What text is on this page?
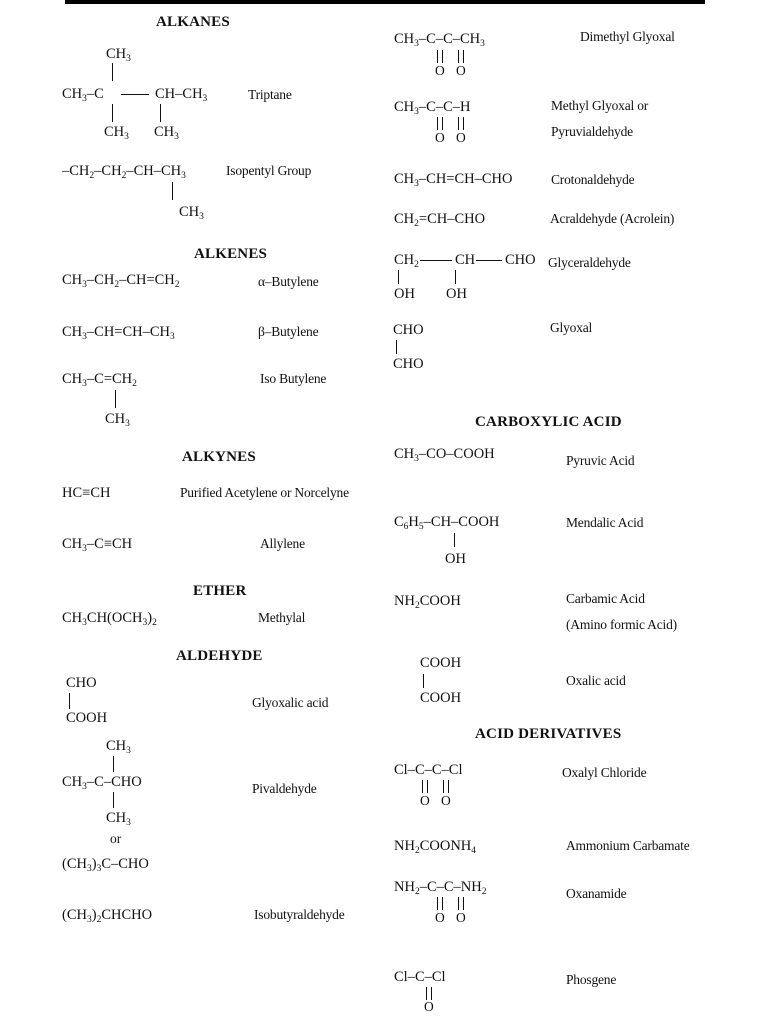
ALKANES
$CH_3$
$CH_3-C$	$CH-CH_3$
$CH_3$ $CH_3$
Triptane
$-CH_2-CH_2-CH-CH_3$
$CH_3$
Isopentyl Group
ALKENES
$CH_3-CH_2-CH=CH_2$	α–Butylene
$CH_3-CH=CH-CH_3$	β–Butylene
$CH_3-C=CH_2$
$CH_3$
Iso Butylene
ALKYNES
HC≡CH	Purified Acetylene or Norcelyne
$CH_3-C\equiv CH$	Allylene
ETHER
$CH_3CH(OCH_3)_2$	Methylal
ALDEHYDE
CHO
COOH
Glyoxalic acid
$CH_3$
$CH_3-C$–CHO
$CH_3$
or
$(CH_3)_3C$–CHO
Pivaldehyde
$(CH_3)_2CHCHO$	Isobutyraldehyde
$CH_3-C-C-CH_3$
O O
Dimethyl Glyoxal
$CH_3-C-C-H$
O O
Methyl Glyoxal or
Pyruvialdehyde
$CH_3-CH=CH$–CHO	Crotonaldehyde
$CH_2=CH$–CHO	Acraldehyde (Acrolein)
$CH_2$ CH CHO
OH OH
Glyceraldehyde
CHO
CHO
Glyoxal
CARBOXYLIC ACID
$CH_3-CO$–COOH	Pyruvic Acid
$C_6H_5-CH$–COOH
OH
Mendalic Acid
$NH_2COOH$	Carbamic Acid
(Amino formic Acid)
COOH
COOH
Oxalic acid
ACID DERIVATIVES
Cl–C–C–Cl
O O
Oxalyl Chloride
$NH_2COONH_4$	Ammonium Carbamate
$NH_2-C-C-NH_2$
O O
Oxanamide
Cl–C–Cl
O
Phosgene
